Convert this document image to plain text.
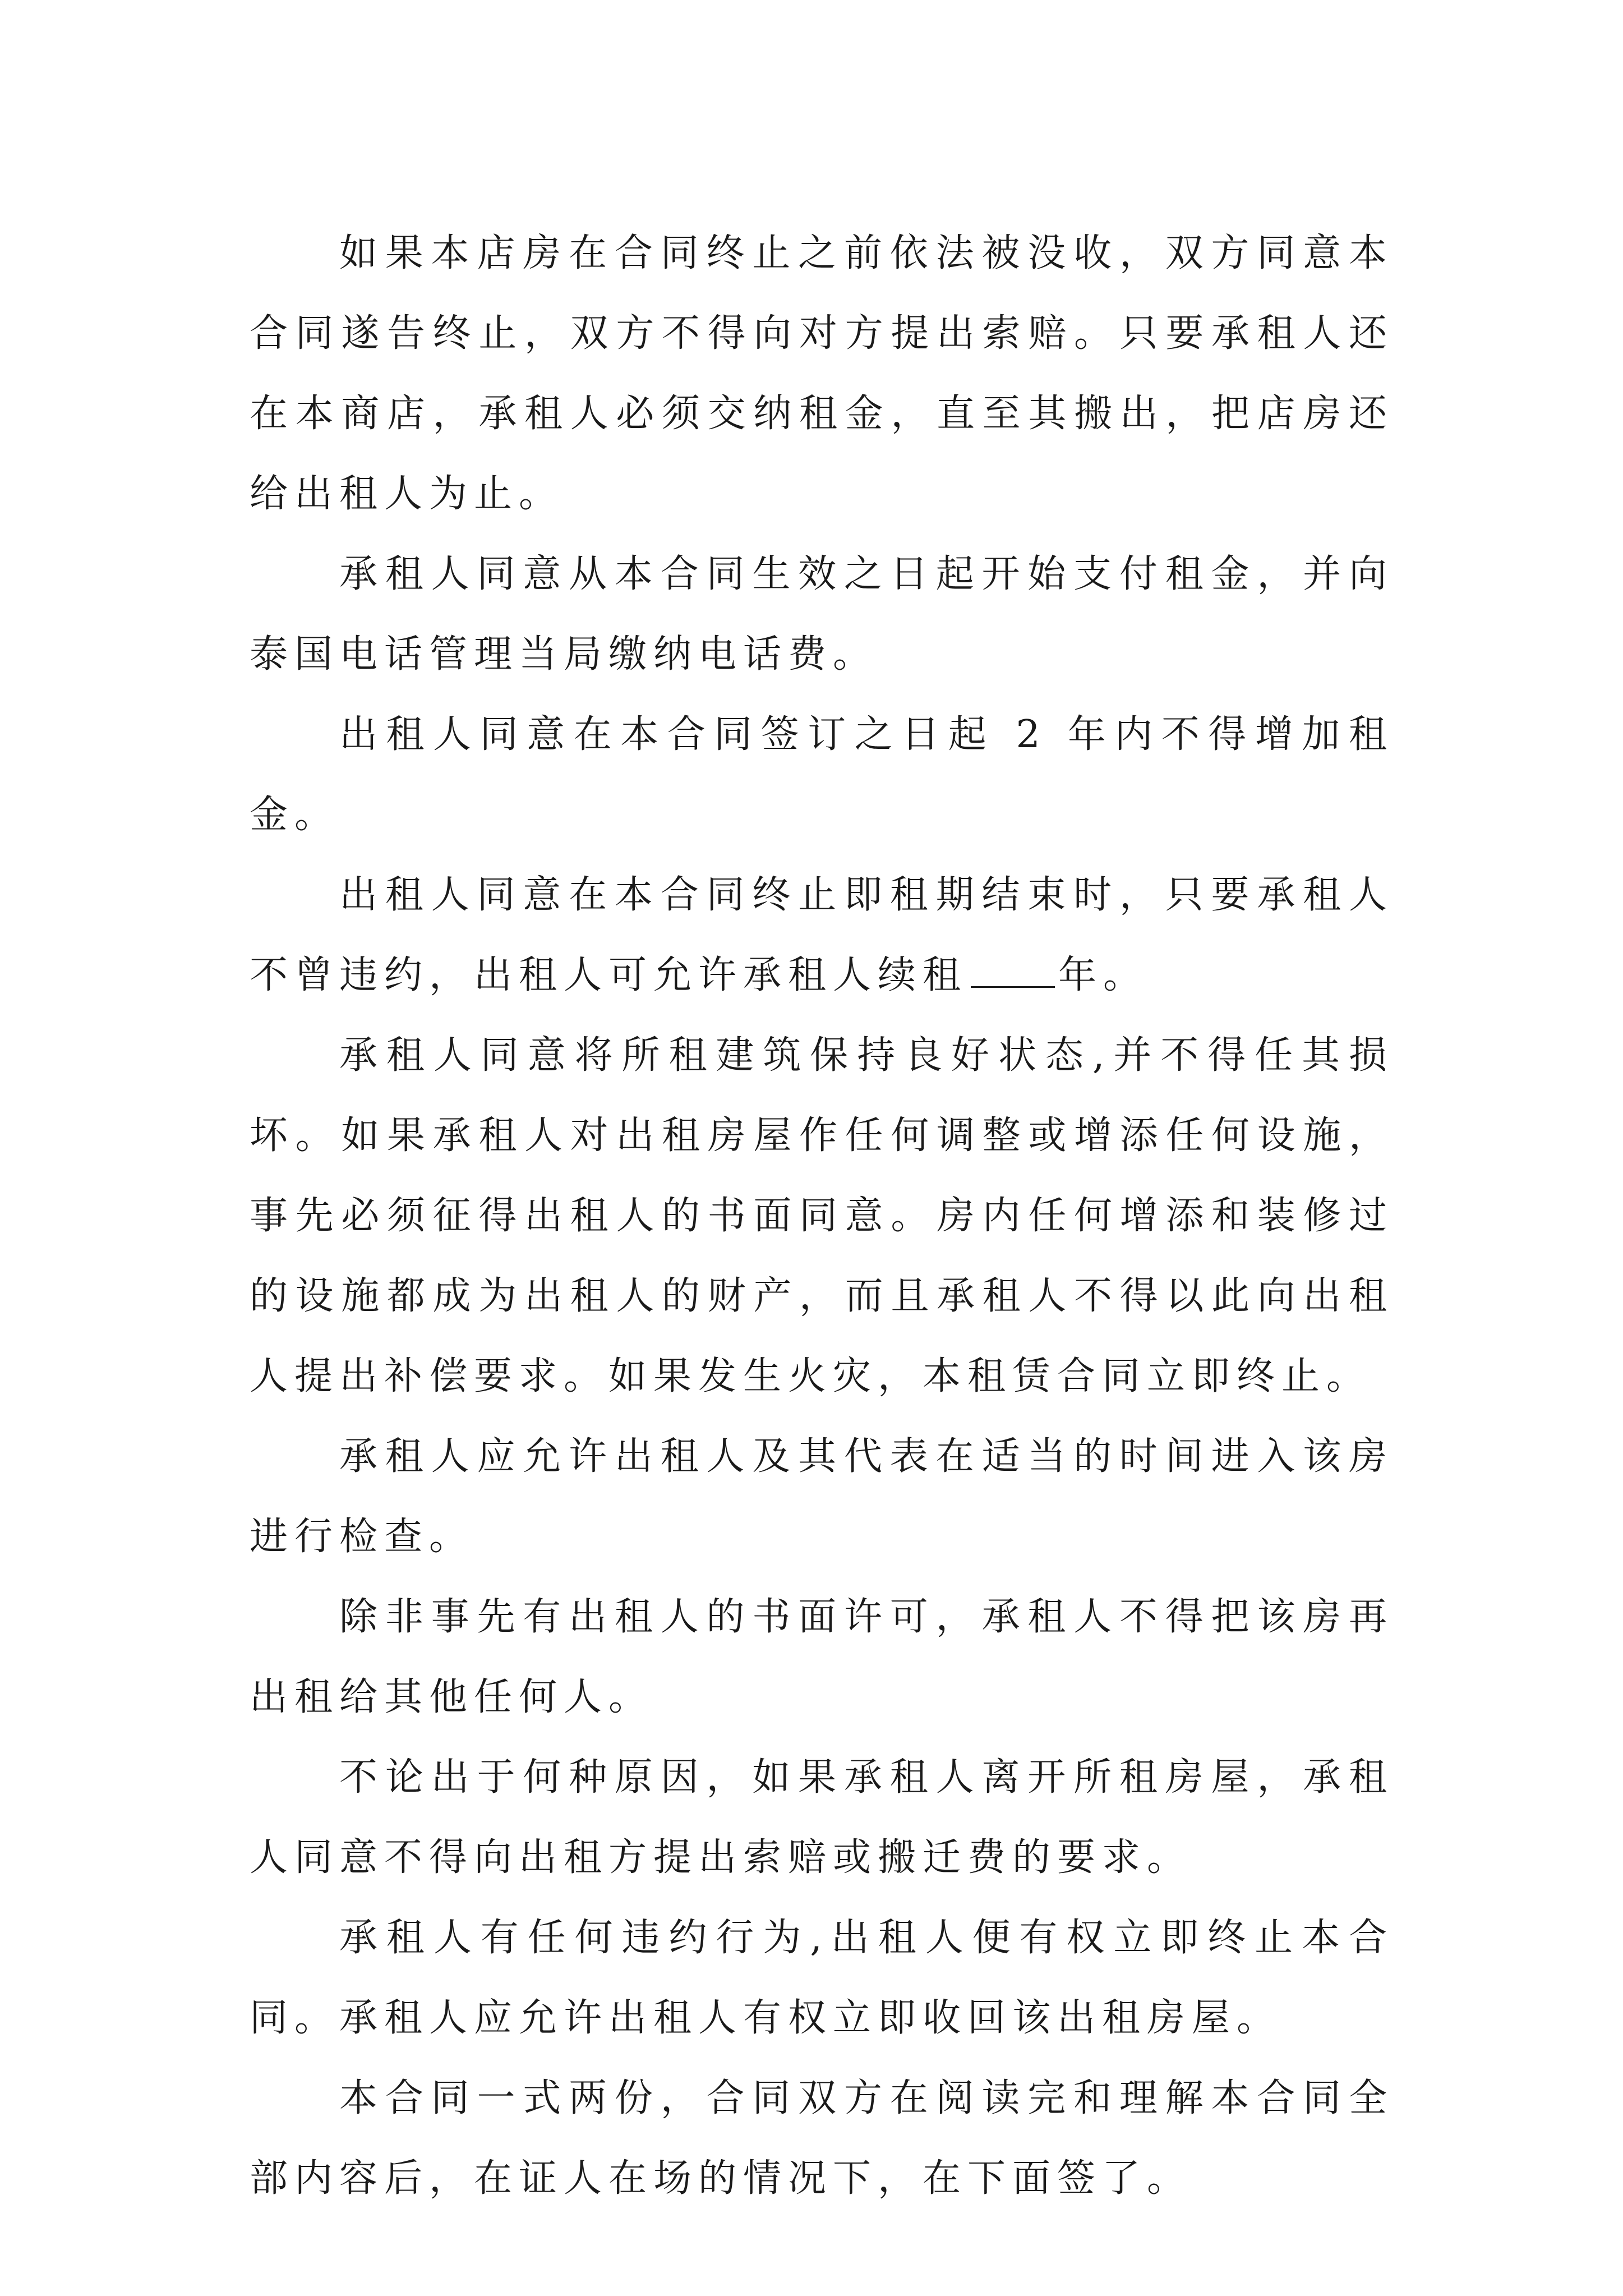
如果本店房在合同终止之前依法被没收，双方同意本合同遂告终止，双方不得向对方提出索赔。只要承租人还在本商店，承租人必须交纳租金，直至其搬出，把店房还给出租人为止。

承租人同意从本合同生效之日起开始支付租金，并向泰国电话管理当局缴纳电话费。

出租人同意在本合同签订之日起 2 年内不得增加租金。

出租人同意在本合同终止即租期结束时，只要承租人不曾违约，出租人可允许承租人续租 年。

承租人同意将所租建筑保持良好状态,并不得任其损坏。如果承租人对出租房屋作任何调整或增添任何设施，事先必须征得出租人的书面同意。房内任何增添和装修过的设施都成为出租人的财产，而且承租人不得以此向出租人提出补偿要求。如果发生火灾，本租赁合同立即终止。

承租人应允许出租人及其代表在适当的时间进入该房进行检查。

除非事先有出租人的书面许可，承租人不得把该房再出租给其他任何人。

不论出于何种原因，如果承租人离开所租房屋，承租人同意不得向出租方提出索赔或搬迁费的要求。

承租人有任何违约行为,出租人便有权立即终止本合同。承租人应允许出租人有权立即收回该出租房屋。

本合同一式两份，合同双方在阅读完和理解本合同全部内容后，在证人在场的情况下，在下面签了。
